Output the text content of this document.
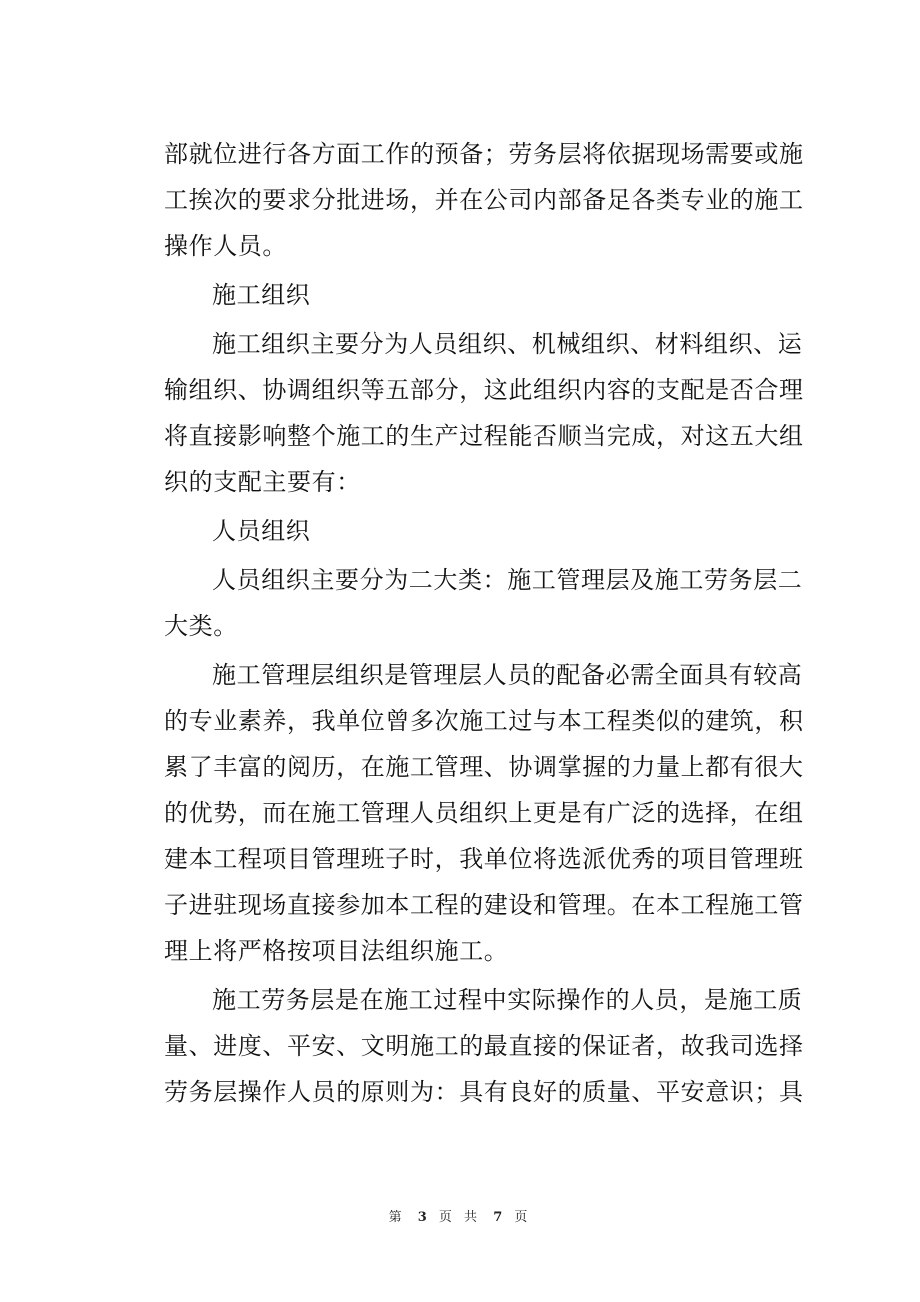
部就位进行各方面工作的预备；劳务层将依据现场需要或施
工挨次的要求分批进场，并在公司内部备足各类专业的施工
操作人员。
施工组织
施工组织主要分为人员组织、机械组织、材料组织、运
输组织、协调组织等五部分，这此组织内容的支配是否合理
将直接影响整个施工的生产过程能否顺当完成，对这五大组
织的支配主要有：
人员组织
人员组织主要分为二大类：施工管理层及施工劳务层二
大类。
施工管理层组织是管理层人员的配备必需全面具有较高
的专业素养，我单位曾多次施工过与本工程类似的建筑，积
累了丰富的阅历，在施工管理、协调掌握的力量上都有很大
的优势，而在施工管理人员组织上更是有广泛的选择，在组
建本工程项目管理班子时，我单位将选派优秀的项目管理班
子进驻现场直接参加本工程的建设和管理。在本工程施工管
理上将严格按项目法组织施工。
施工劳务层是在施工过程中实际操作的人员，是施工质
量、进度、平安、文明施工的最直接的保证者，故我司选择
劳务层操作人员的原则为：具有良好的质量、平安意识；具
第 3 页 共 7 页
